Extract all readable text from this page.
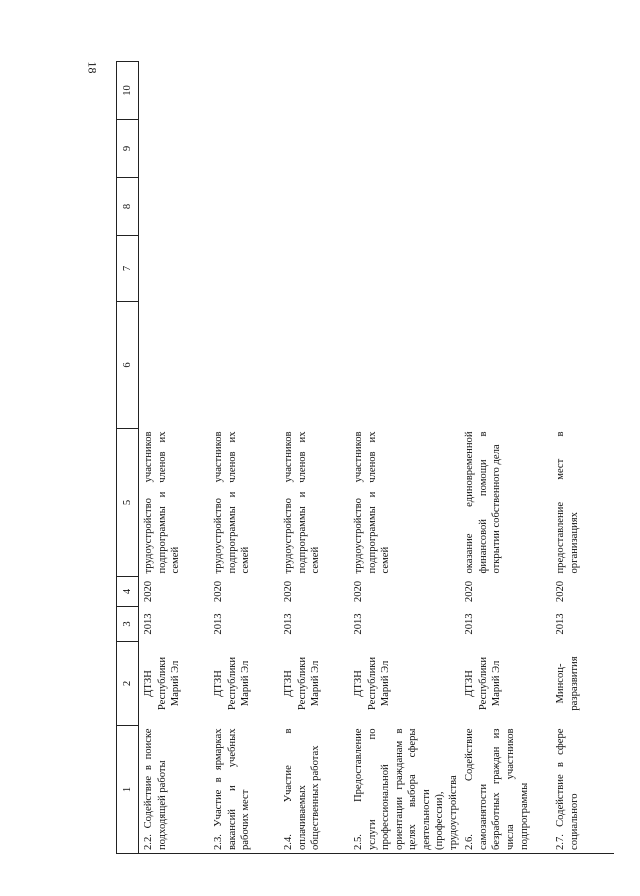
18
1	2	3	4	5	6	7	8	9	10
2.2. Содействие в поиске подходящей работы	ДТЗН Республики Марий Эл	2013	2020	трудоустройство участников подпрограммы и членов их семей					
2.3. Участие в ярмарках вакансий и учебных рабочих мест	ДТЗН Республики Марий Эл	2013	2020	трудоустройство участников подпрограммы и членов их семей					
2.4. Участие в оплачиваемых общественных работах	ДТЗН Республики Марий Эл	2013	2020	трудоустройство участников подпрограммы и членов их семей					
2.5. Предоставление услуги по профессиональной ориентации гражданам в целях выбора сферы деятельности (профессии), трудоустройства	ДТЗН Республики Марий Эл	2013	2020	трудоустройство участников подпрограммы и членов их семей					
2.6. Содействие самозанятости безработных граждан из числа участников подпрограммы	ДТЗН Республики Марий Эл	2013	2020	оказание единовременной финансовой помощи в открытии собственного дела					
2.7. Содействие в сфере социального	Минсоц- разразвития	2013	2020	предоставление мест в организациях					
